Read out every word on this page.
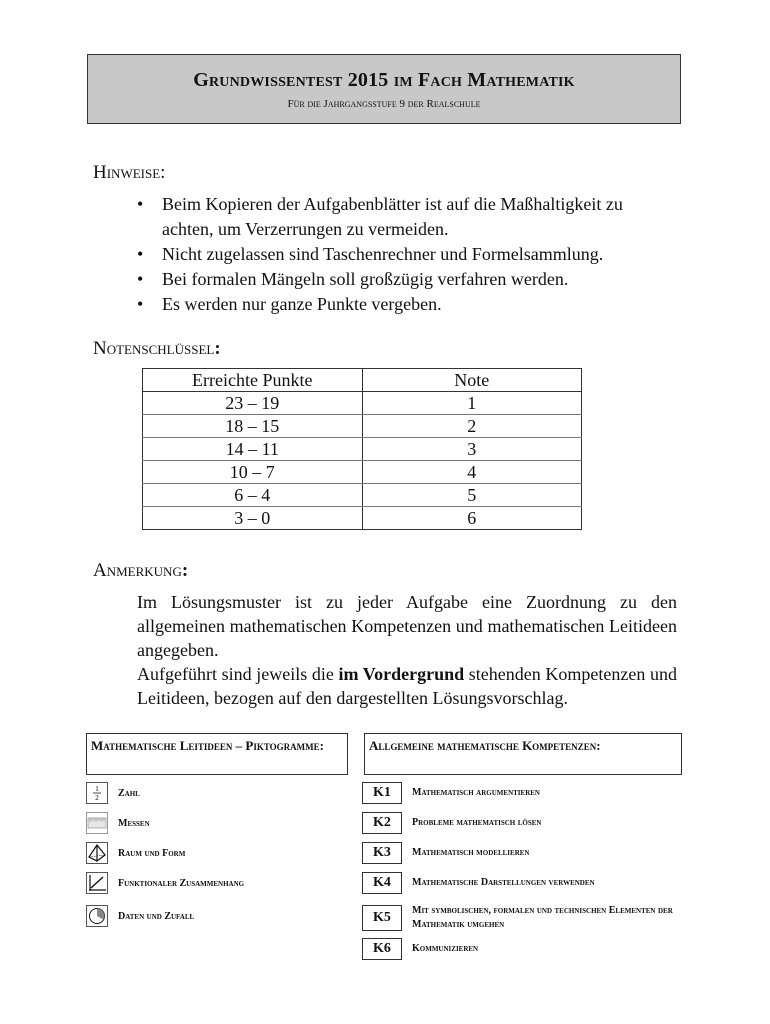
Grundwissentest 2015 im Fach Mathematik
Für die Jahrgangsstufe 9 der Realschule
Hinweise:
• Beim Kopieren der Aufgabenblätter ist auf die Maßhaltigkeit zu achten, um Verzerrungen zu vermeiden.
• Nicht zugelassen sind Taschenrechner und Formelsammlung.
• Bei formalen Mängeln soll großzügig verfahren werden.
• Es werden nur ganze Punkte vergeben.
Notenschlüssel:
Erreichte Punkte	Note
23 – 19	1
18 – 15	2
14 – 11	3
10 – 7	4
6 – 4	5
3 – 0	6
Anmerkung:

Im Lösungsmuster ist zu jeder Aufgabe eine Zuordnung zu den allgemeinen mathematischen Kompetenzen und mathematischen Leitideen angegeben.

Aufgeführt sind jeweils die im Vordergrund stehenden Kompetenzen und Leitideen, bezogen auf den dargestellten Lösungsvorschlag.

Mathematische Leitideen – Piktogramme:	Allgemeine mathematische Kompetenzen:
1
2 Zahl
Messen
Raum und Form
Funktionaler Zusammenhang
Daten und Zufall
K1	Mathematisch argumentieren
K2	Probleme mathematisch lösen
K3	Mathematisch modellieren
K4	Mathematische Darstellungen verwenden
K5	Mit symbolischen, formalen und technischen Elementen der Mathematik umgehen
K6	Kommunizieren
